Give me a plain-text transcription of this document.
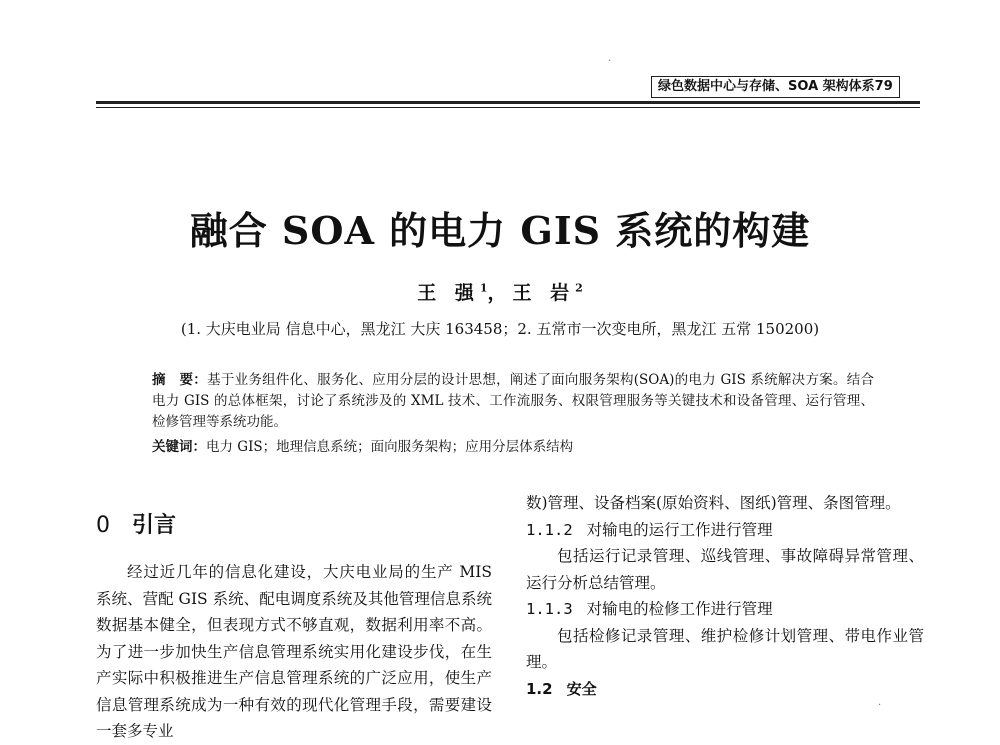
绿色数据中心与存储、SOA 架构体系79
融合 SOA 的电力 GIS 系统的构建
王 强$^1$，王 岩$^2$
(1. 大庆电业局 信息中心，黑龙江 大庆 163458；2. 五常市一次变电所，黑龙江 五常 150200)

摘　要：基于业务组件化、服务化、应用分层的设计思想，阐述了面向服务架构(SOA)的电力 GIS 系统解决方案。结合电力 GIS 的总体框架，讨论了系统涉及的 XML 技术、工作流服务、权限管理服务等关键技术和设备管理、运行管理、检修管理等系统功能。

关键词：电力 GIS；地理信息系统；面向服务架构；应用分层体系结构

0 引言

经过近几年的信息化建设，大庆电业局的生产 MIS 系统、营配 GIS 系统、配电调度系统及其他管理信息系统数据基本健全，但表现方式不够直观，数据利用率不高。为了进一步加快生产信息管理系统实用化建设步伐，在生产实际中积极推进生产信息管理系统的广泛应用，使生产信息管理系统成为一种有效的现代化管理手段，需要建设一套多专业

数)管理、设备档案(原始资料、图纸)管理、条图管理。

1.1.2 对输电的运行工作进行管理

包括运行记录管理、巡线管理、事故障碍异常管理、运行分析总结管理。

1.1.3 对输电的检修工作进行管理

包括检修记录管理、维护检修计划管理、带电作业管理。

1.2 安全

·
·
